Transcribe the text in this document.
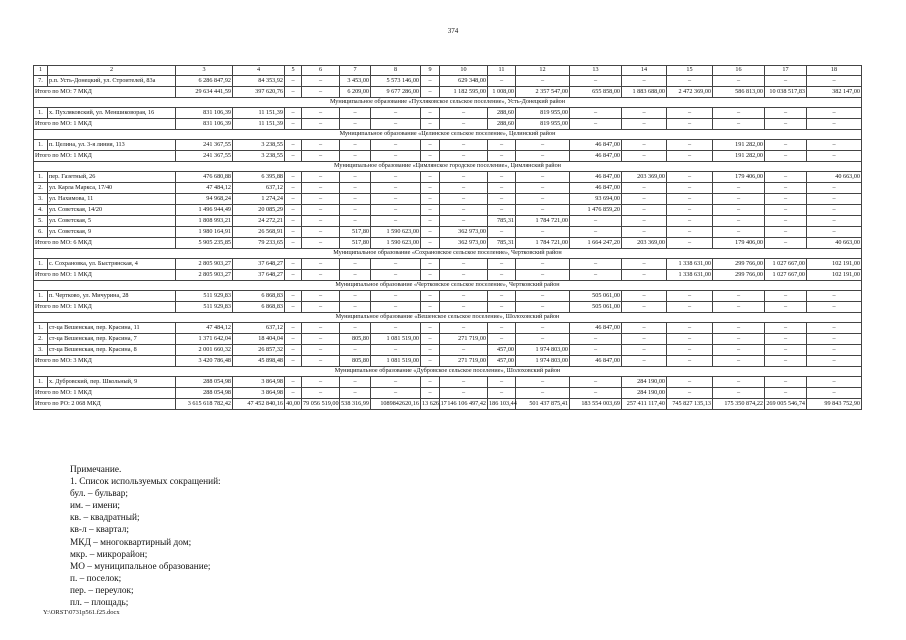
374
1	2	3	4	5	6	7	8	9	10	11	12	13	14	15	16	17	18
7.	р.п. Усть-Донецкий, ул. Строителей, 83а	6 286 847,92	84 353,92	–	–	3 453,00	5 573 146,00	–	629 348,00	–	–	–	–	–	–	–	–
Итого по МО: 7 МКД		29 634 441,59	397 620,76	–	–	6 209,00	9 677 286,00	–	1 182 595,00	1 008,00	2 357 547,00	655 858,00	1 883 688,00	2 472 369,00	586 813,00	10 038 517,83	382 147,00
Муниципальное образование «Пухляковское сельское поселение», Усть-Донецкий район																	
1.	х. Пухляковский, ул. Меншиковорая, 16	831 106,39	11 151,39	–	–	–	–	–	–	288,60	819 955,00	–	–	–	–	–	–
Итого по МО: 1 МКД		831 106,39	11 151,39	–	–	–	–	–	–	288,60	819 955,00	–	–	–	–	–	–
Муниципальное образование «Целинское сельское поселение», Целинский район																	
1.	п. Целина, ул. 3-я линия, 113	241 367,55	3 238,55	–	–	–	–	–	–	–	–	46 847,00	–	–	191 282,00	–	–
Итого по МО: 1 МКД		241 367,55	3 238,55	–	–	–	–	–	–	–	–	46 847,00	–	–	191 282,00	–	–
Муниципальное образование «Цимлянское городское поселение», Цимлянский район																	
1.	пер. Газетный, 26	476 680,88	6 395,88	–	–	–	–	–	–	–	–	46 847,00	203 369,00	–	179 406,00	–	40 663,00
2.	ул. Карла Маркса, 17/40	47 484,12	637,12	–	–	–	–	–	–	–	–	46 847,00	–	–	–	–	–
3.	ул. Нахимова, 11	94 968,24	1 274,24	–	–	–	–	–	–	–	–	93 694,00	–	–	–	–	–
4.	ул. Советская, 14/20	1 496 944,49	20 085,29	–	–	–	–	–	–	–	–	1 476 859,20	–	–	–	–	–
5.	ул. Советская, 5	1 808 993,21	24 272,21	–	–	–	–	–	–	785,31	1 784 721,00	–	–	–	–	–	–
6.	ул. Советская, 9	1 980 164,91	26 568,91	–	–	517,80	1 590 623,00	–	362 973,00	–	–	–	–	–	–	–	–
Итого по МО: 6 МКД		5 905 235,85	79 233,65	–	–	517,80	1 590 623,00	–	362 973,00	785,31	1 784 721,00	1 664 247,20	203 369,00	–	179 406,00	–	40 663,00
Муниципальное образование «Сохрановское сельское поселение», Чертковский район																	
1.	с. Сохрановка, ул. Быстрянская, 4	2 805 903,27	37 648,27	–	–	–	–	–	–	–	–	–	–	1 338 631,00	299 766,00	1 027 667,00	102 191,00
Итого по МО: 1 МКД		2 805 903,27	37 648,27	–	–	–	–	–	–	–	–	–	–	1 338 631,00	299 766,00	1 027 667,00	102 191,00
Муниципальное образование «Чертковское сельское поселение», Чертковский район																	
1.	п. Чертково, ул. Мичурина, 28	511 929,83	6 868,83	–	–	–	–	–	–	–	–	505 061,00	–	–	–	–	–
Итого по МО: 1 МКД		511 929,83	6 868,83	–	–	–	–	–	–	–	–	505 061,00	–	–	–	–	–
Муниципальное образование «Вешенское сельское поселение», Шолоховский район																	
1.	ст-ца Вешенская, пер. Красина, 11	47 484,12	637,12	–	–	–	–	–	–	–	–	46 847,00	–	–	–	–	–
2.	ст-ца Вешенская, пер. Красина, 7	1 371 642,04	18 404,04	–	–	805,80	1 081 519,00	–	271 719,00	–	–	–	–	–	–	–	–
3.	ст-ца Вешенская, пер. Красина, 8	2 001 660,32	26 857,32	–	–	–	–	–	–	457,00	1 974 803,00	–	–	–	–	–	–
Итого по МО: 3 МКД		3 420 786,48	45 898,48	–	–	805,80	1 081 519,00	–	271 719,00	457,00	1 974 803,00	46 847,00	–	–	–	–	–
Муниципальное образование «Дубровское сельское поселение», Шолоховский район																	
1.	х. Дубровский, пер. Школьный, 9	288 054,98	3 864,98	–	–	–	–	–	–	–	–	–	284 190,00	–	–	–	–
Итого по МО: 1 МКД		288 054,98	3 864,98	–	–	–	–	–	–	–	–	–	284 190,00	–	–	–	–
Итого по РО: 2 068 МКД		3 615 618 782,42	47 452 840,16	40,00	79 056 519,00	538 316,99	1089842620,16	13 626,17	146 106 497,42	186 103,44	501 437 875,41	183 554 003,69	257 411 117,40	745 827 135,13	175 350 874,22	269 005 546,74	99 843 752,90
Примечание.
1. Список используемых сокращений:
бул. – бульвар;
им. – имени;
кв. – квадратный;
кв-л – квартал;
МКД – многоквартирный дом;
мкр. – микрорайон;
МО – муниципальное образование;
п. – поселок;
пер. – переулок;
пл. – площадь;
Y:\ORST\0731p561.f25.docx
